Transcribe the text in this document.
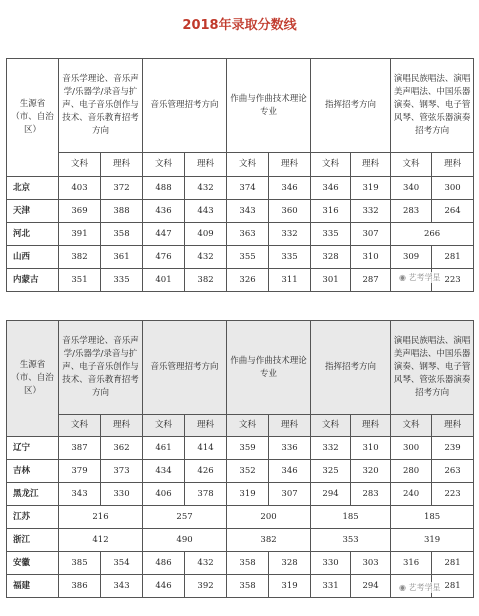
2018年录取分数线
生源省
（市、自治区）	音乐学理论、音乐声学/乐器学/录音与扩声、电子音乐创作与技术、音乐教育招考方向		音乐管理招考方向		作曲与作曲技术理论专业		指挥招考方向		演唱民族唱法、演唱美声唱法、中国乐器演奏、钢琴、电子管风琴、管弦乐器演奏招考方向	
	文科	理科	文科	理科	文科	理科	文科	理科	文科	理科
北京	403	372	488	432	374	346	346	319	340	300
天津	369	388	436	443	343	360	316	332	283	264
河北	391	358	447	409	363	332	335	307	266	
山西	382	361	476	432	355	335	328	310	309	281
内蒙古	351	335	401	382	326	311	301	287		223
◉ 艺考学星
生源省
（市、自治区）	音乐学理论、音乐声学/乐器学/录音与扩声、电子音乐创作与技术、音乐教育招考方向		音乐管理招考方向		作曲与作曲技术理论专业		指挥招考方向		演唱民族唱法、演唱美声唱法、中国乐器演奏、钢琴、电子管风琴、管弦乐器演奏招考方向	
	文科	理科	文科	理科	文科	理科	文科	理科	文科	理科
辽宁	387	362	461	414	359	336	332	310	300	239
吉林	379	373	434	426	352	346	325	320	280	263
黑龙江	343	330	406	378	319	307	294	283	240	223
江苏	216		257		200		185		185	
浙江	412		490		382		353		319	
安徽	385	354	486	432	358	328	330	303	316	281
福建	386	343	446	392	358	319	331	294		281
◉ 艺考学星
